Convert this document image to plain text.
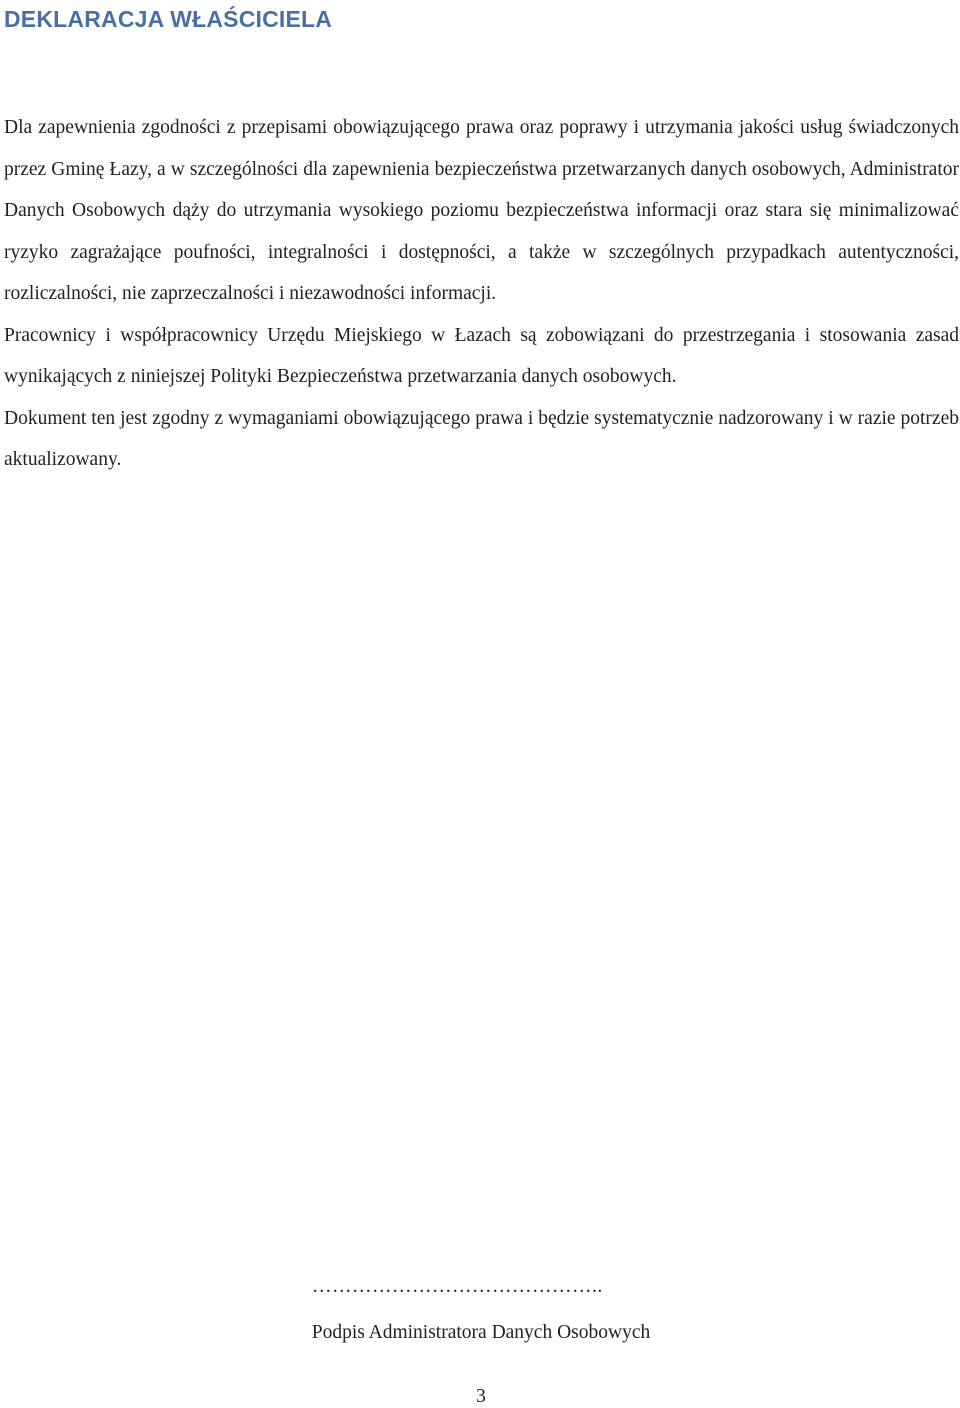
DEKLARACJA WŁAŚCICIELA

Dla zapewnienia zgodności z przepisami obowiązującego prawa oraz poprawy i utrzymania jakości usług świadczonych przez Gminę Łazy, a w szczególności dla zapewnienia bezpieczeństwa przetwarzanych danych osobowych, Administrator Danych Osobowych dąży do utrzymania wysokiego poziomu bezpieczeństwa informacji oraz stara się minimalizować ryzyko zagrażające poufności, integralności i dostępności, a także w szczególnych przypadkach autentyczności, rozliczalności, nie zaprzeczalności i niezawodności informacji.

Pracownicy i współpracownicy Urzędu Miejskiego w Łazach są zobowiązani do przestrzegania i stosowania zasad wynikających z niniejszej Polityki Bezpieczeństwa przetwarzania danych osobowych.

Dokument ten jest zgodny z wymaganiami obowiązującego prawa i będzie systematycznie nadzorowany i w razie potrzeb aktualizowany.

……………………………………..
Podpis Administratora Danych Osobowych
3
